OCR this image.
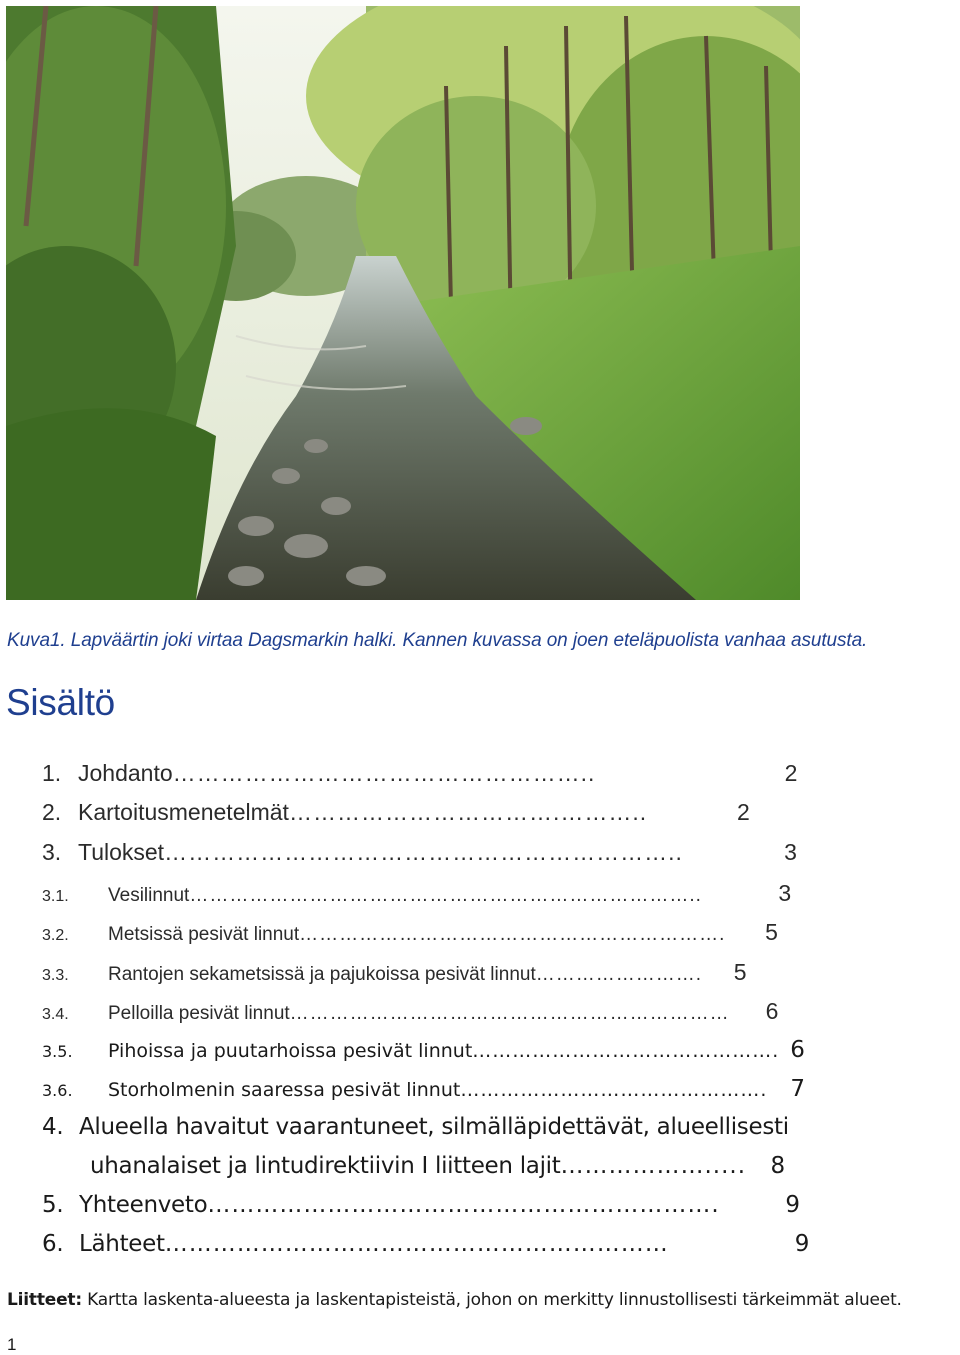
Kuva1. Lapväärtin joki virtaa Dagsmarkin halki. Kannen kuvassa on joen eteläpuolista vanhaa asutusta.
Sisältö
1. Johdanto ……………………………………………..	2
2. Kartoitusmenetelmät …………………………….………..	2
3. Tulokset ………………………………………………………..	3
3.1.	Vesilinnut …………………………………………………………………..	3
3.2.	Metsissä pesivät linnut ……………………………………………………….	5
3.3.	Rantojen sekametsissä ja pajukoissa pesivät linnut …………………….	5
3.4.	Pelloilla pesivät linnut …………………………………………………………	6
3.5.	Pihoissa ja puutarhoissa pesivät linnut ………………………………………. 6
3.6.	Storholmenin saaressa pesivät linnut ………………………………………. 7
4. Alueella havaitut vaarantuneet, silmälläpidettävät, alueellisesti
uhanalaiset ja lintudirektiivin I liitteen lajit ……………….....	8
5. Yhteenveto ……………………………………………………….	9
6. Lähteet ………………………………………………………	9
Liitteet: Kartta laskenta-alueesta ja laskentapisteistä, johon on merkitty linnustollisesti tärkeimmät alueet.
1
